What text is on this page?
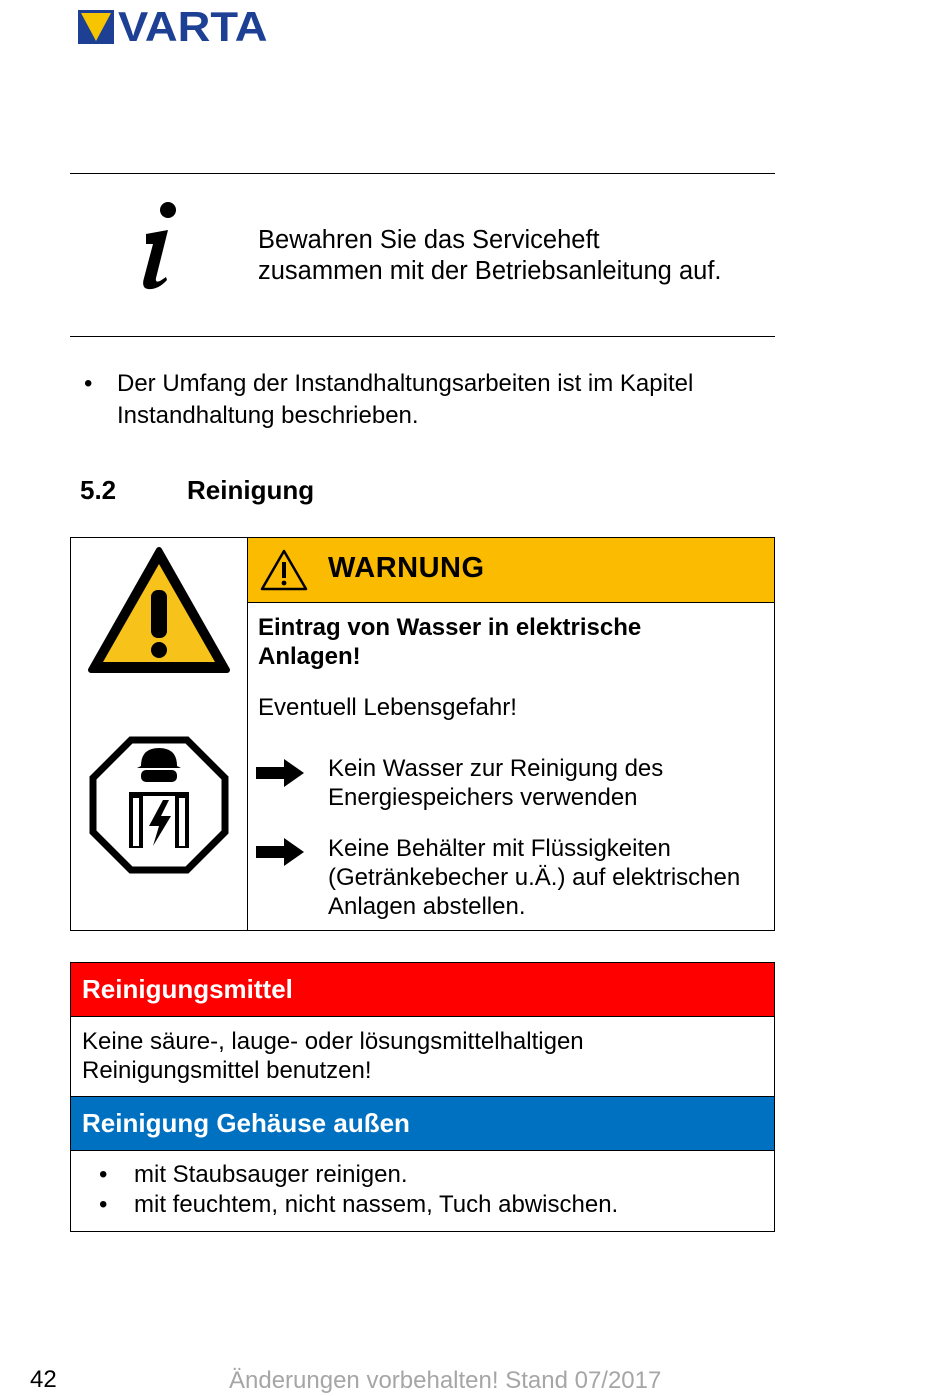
VARTA
Bewahren Sie das Serviceheft
zusammen mit der Betriebsanleitung auf.
• Der Umfang der Instandhaltungsarbeiten ist im Kapitel
Instandhaltung beschrieben.
5.2	Reinigung
WARNUNG
Eintrag von Wasser in elektrische
Anlagen!
Eventuell Lebensgefahr!
Kein Wasser zur Reinigung des
Energiespeichers verwenden
Keine Behälter mit Flüssigkeiten
(Getränkebecher u.Ä.) auf elektrischen
Anlagen abstellen.
Reinigungsmittel
Keine säure-, lauge- oder lösungsmittelhaltigen
Reinigungsmittel benutzen!
Reinigung Gehäuse außen
• mit Staubsauger reinigen.
• mit feuchtem, nicht nassem, Tuch abwischen.
42	Änderungen vorbehalten! Stand 07/2017
